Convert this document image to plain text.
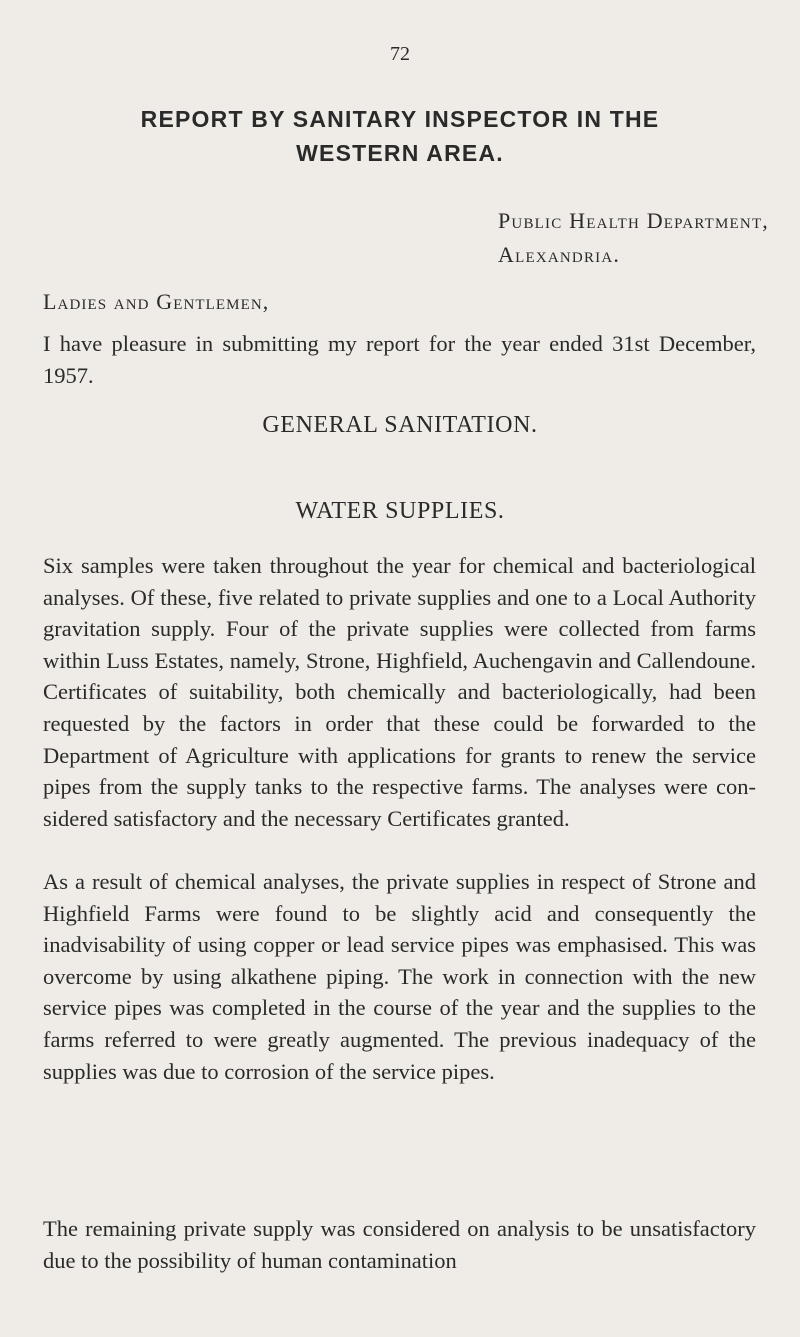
72
REPORT BY SANITARY INSPECTOR IN THE
WESTERN AREA.
Public Health Department,
Alexandria.
Ladies and Gentlemen,

I have pleasure in submitting my report for the year ended 31st December, 1957.

GENERAL SANITATION.
WATER SUPPLIES.

Six samples were taken throughout the year for chemical and bacteriological analyses. Of these, five related to private supplies and one to a Local Authority gravitation supply. Four of the private supplies were collected from farms within Luss Estates, namely, Strone, Highfield, Auchengavin and Callendoune. Certificates of suitability, both chemically and bacteriologically, had been requested by the factors in order that these could be forwarded to the Department of Agriculture with applications for grants to renew the service pipes from the supply tanks to the respective farms. The analyses were considered satisfactory and the necessary Certificates granted.

As a result of chemical analyses, the private supplies in respect of Strone and Highfield Farms were found to be slightly acid and consequently the inadvisability of using copper or lead service pipes was emphasised. This was overcome by using alkathene piping. The work in connection with the new service pipes was completed in the course of the year and the supplies to the farms referred to were greatly augmented. The previous inadequacy of the supplies was due to corrosion of the service pipes.

The remaining private supply was considered on analysis to be unsatisfactory due to the possibility of human contamination
